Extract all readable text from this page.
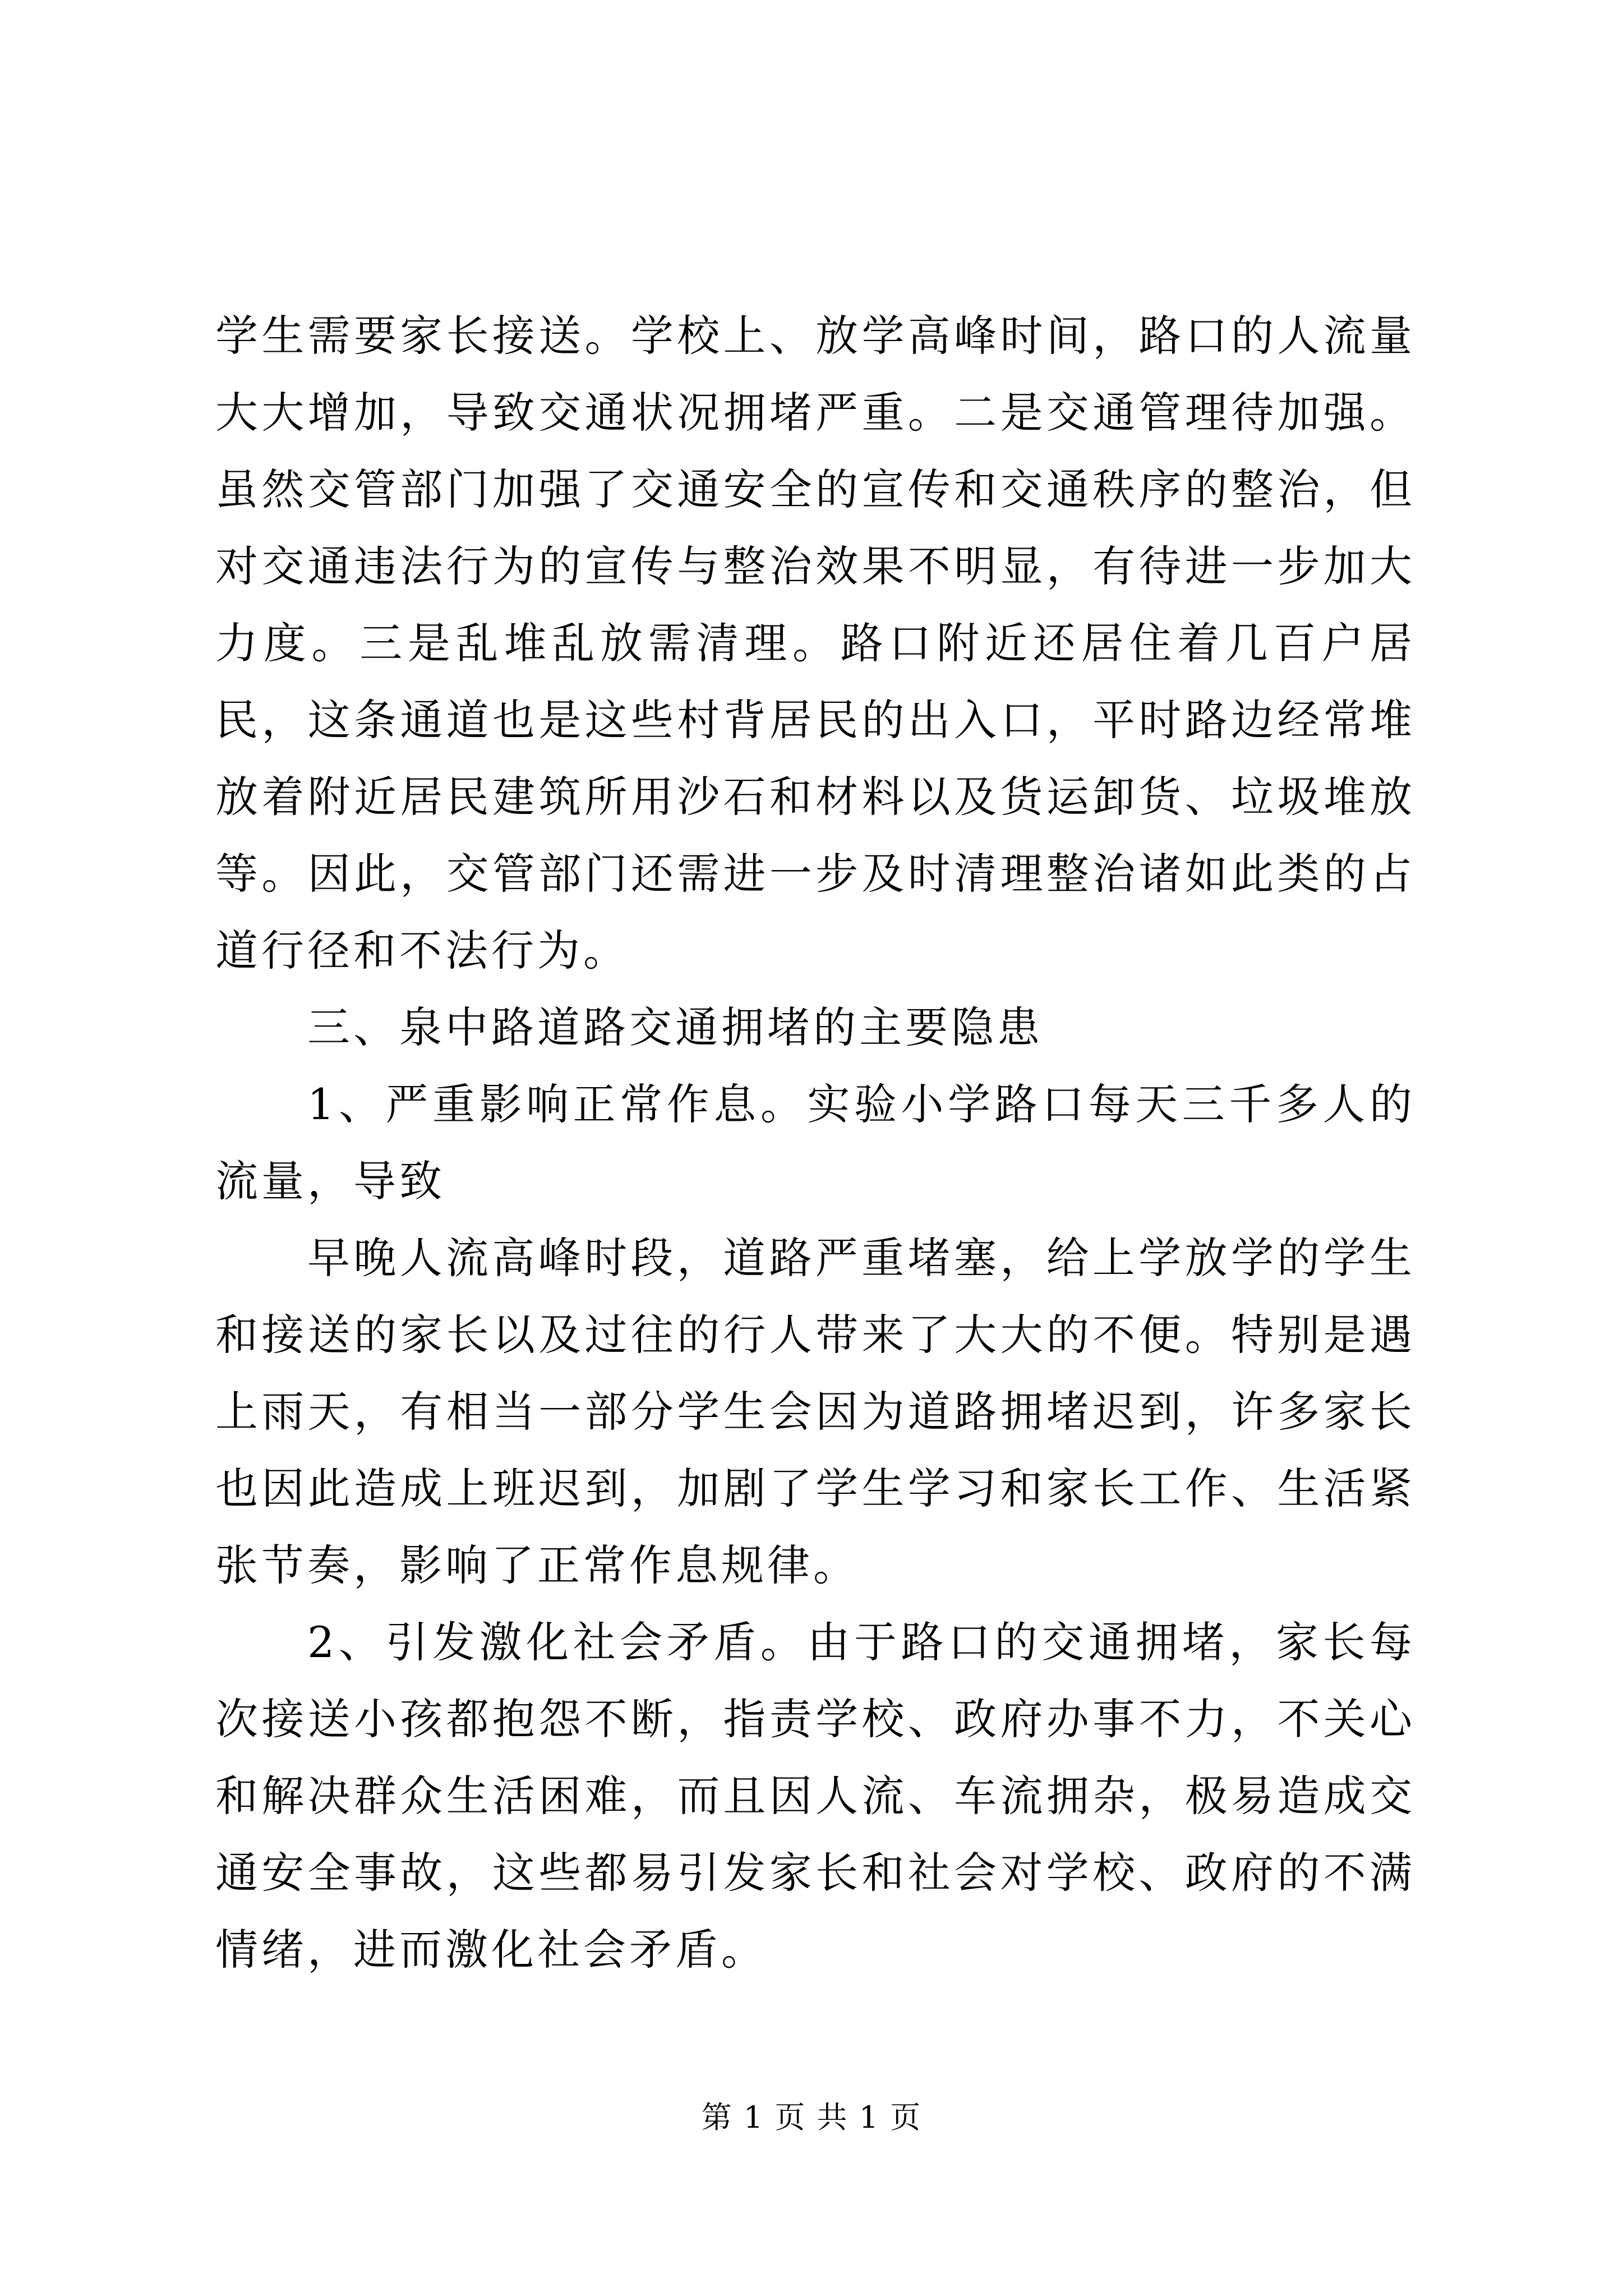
学生需要家长接送。学校上、放学高峰时间，路口的人流量大大增加，导致交通状况拥堵严重。二是交通管理待加强。虽然交管部门加强了交通安全的宣传和交通秩序的整治，但对交通违法行为的宣传与整治效果不明显，有待进一步加大力度。三是乱堆乱放需清理。路口附近还居住着几百户居民，这条通道也是这些村背居民的出入口，平时路边经常堆放着附近居民建筑所用沙石和材料以及货运卸货、垃圾堆放等。因此，交管部门还需进一步及时清理整治诸如此类的占道行径和不法行为。

三、泉中路道路交通拥堵的主要隐患

1、严重影响正常作息。实验小学路口每天三千多人的流量，导致

早晚人流高峰时段，道路严重堵塞，给上学放学的学生和接送的家长以及过往的行人带来了大大的不便。特别是遇上雨天，有相当一部分学生会因为道路拥堵迟到，许多家长也因此造成上班迟到，加剧了学生学习和家长工作、生活紧张节奏，影响了正常作息规律。

2、引发激化社会矛盾。由于路口的交通拥堵，家长每次接送小孩都抱怨不断，指责学校、政府办事不力，不关心和解决群众生活困难，而且因人流、车流拥杂，极易造成交通安全事故，这些都易引发家长和社会对学校、政府的不满情绪，进而激化社会矛盾。

第 1 页 共 1 页
